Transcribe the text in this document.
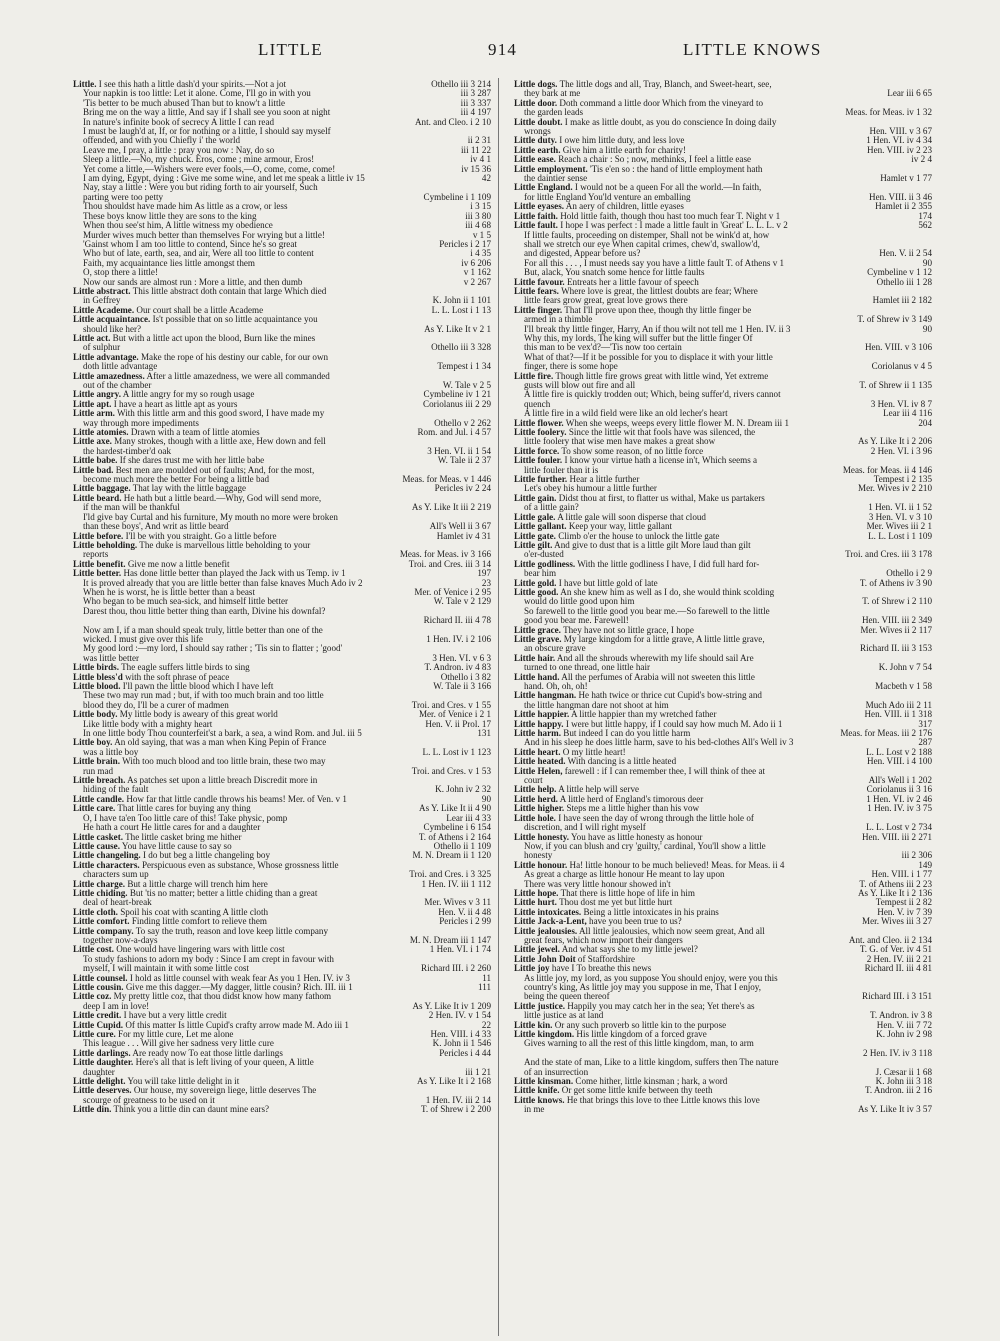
LITTLE	914	LITTLE KNOWS
Little. I see this hath a little dash'd your spirits.—Not a jot	Othello iii 3 214
Your napkin is too little: Let it alone. Come, I'll go in with you	iii 3 287
'Tis better to be much abused Than but to know't a little	iii 3 337
Bring me on the way a little, And say if I shall see you soon at night	iii 4 197
In nature's infinite book of secrecy A little I can read	Ant. and Cleo. i 2 10
I must be laugh'd at, If, or for nothing or a little, I should say myself
offended, and with you Chiefly i' the world	ii 2 31
Leave me, I pray, a little : pray you now : Nay, do so	iii 11 22
Sleep a little.—No, my chuck. Eros, come ; mine armour, Eros!	iv 4 1
Yet come a little,—Wishers were ever fools,—O, come, come, come!	iv 15 36
I am dying, Egypt, dying : Give me some wine, and let me speak a little iv 15	42
Nay, stay a little : Were you but riding forth to air yourself, Such
parting were too petty	Cymbeline i 1 109
Thou shouldst have made him As little as a crow, or less	i 3 15
These boys know little they are sons to the king	iii 3 80
When thou see'st him, A little witness my obedience	iii 4 68
Murder wives much better than themselves For wrying but a little!	v 1 5
'Gainst whom I am too little to contend, Since he's so great	Pericles i 2 17
Who but of late, earth, sea, and air, Were all too little to content	i 4 35
Faith, my acquaintance lies little amongst them	iv 6 206
O, stop there a little!	v 1 162
Now our sands are almost run : More a little, and then dumb	v 2 267
Little abstract. This little abstract doth contain that large Which died
in Geffrey	K. John ii 1 101
Little Academe. Our court shall be a little Academe	L. L. Lost i 1 13
Little acquaintance. Is't possible that on so little acquaintance you
should like her?	As Y. Like It v 2 1
Little act. But with a little act upon the blood, Burn like the mines
of sulphur	Othello iii 3 328
Little advantage. Make the rope of his destiny our cable, for our own
doth little advantage	Tempest i 1 34
Little amazedness. After a little amazedness, we were all commanded
out of the chamber	W. Tale v 2 5
Little angry. A little angry for my so rough usage	Cymbeline iv 1 21
Little apt. I have a heart as little apt as yours	Coriolanus iii 2 29
Little arm. With this little arm and this good sword, I have made my
way through more impediments	Othello v 2 262
Little atomies. Drawn with a team of little atomies	Rom. and Jul. i 4 57
Little axe. Many strokes, though with a little axe, Hew down and fell
the hardest-timber'd oak	3 Hen. VI. ii 1 54
Little babe. If she dares trust me with her little babe	W. Tale ii 2 37
Little bad. Best men are moulded out of faults; And, for the most,
become much more the better For being a little bad	Meas. for Meas. v 1 446
Little baggage. That lay with the little baggage	Pericles iv 2 24
Little beard. He hath but a little beard.—Why, God will send more,
if the man will be thankful	As Y. Like It iii 2 219
I'ld give bay Curtal and his furniture, My mouth no more were broken
than these boys', And writ as little beard	All's Well ii 3 67
Little before. I'll be with you straight. Go a little before	Hamlet iv 4 31
Little beholding. The duke is marvellous little beholding to your
reports	Meas. for Meas. iv 3 166
Little benefit. Give me now a little benefit	Troi. and Cres. iii 3 14
Little better. Has done little better than played the Jack with us Temp. iv 1	197
It is proved already that you are little better than false knaves Much Ado iv 2	23
When he is worst, he is little better than a beast	Mer. of Venice i 2 95
Who began to be much sea-sick, and himself little better	W. Tale v 2 129
Darest thou, thou little better thing than earth, Divine his downfal?
Richard II. iii 4 78
Now am I, if a man should speak truly, little better than one of the
wicked. I must give over this life	1 Hen. IV. i 2 106
My good lord :—my lord, I should say rather ; 'Tis sin to flatter ; 'good'
was little better	3 Hen. VI. v 6 3
Little birds. The eagle suffers little birds to sing	T. Andron. iv 4 83
Little bless'd with the soft phrase of peace	Othello i 3 82
Little blood. I'll pawn the little blood which I have left	W. Tale ii 3 166
These two may run mad ; but, if with too much brain and too little
blood they do, I'll be a curer of madmen	Troi. and Cres. v 1 55
Little body. My little body is aweary of this great world	Mer. of Venice i 2 1
Like little body with a mighty heart	Hen. V. ii Prol. 17
In one little body Thou counterfeit'st a bark, a sea, a wind Rom. and Jul. iii 5	131
Little boy. An old saying, that was a man when King Pepin of France
was a little boy	L. L. Lost iv 1 123
Little brain. With too much blood and too little brain, these two may
run mad	Troi. and Cres. v 1 53
Little breach. As patches set upon a little breach Discredit more in
hiding of the fault	K. John iv 2 32
Little candle. How far that little candle throws his beams! Mer. of Ven. v 1	90
Little care. That little cares for buying any thing	As Y. Like It ii 4 90
O, I have ta'en Too little care of this! Take physic, pomp	Lear iii 4 33
He hath a court He little cares for and a daughter	Cymbeline i 6 154
Little casket. The little casket bring me hither	T. of Athens i 2 164
Little cause. You have little cause to say so	Othello ii 1 109
Little changeling. I do but beg a little changeling boy	M. N. Dream ii 1 120
Little characters. Perspicuous even as substance, Whose grossness little
characters sum up	Troi. and Cres. i 3 325
Little charge. But a little charge will trench him here	1 Hen. IV. iii 1 112
Little chiding. But 'tis no matter; better a little chiding than a great
deal of heart-break	Mer. Wives v 3 11
Little cloth. Spoil his coat with scanting A little cloth	Hen. V. ii 4 48
Little comfort. Finding little comfort to relieve them	Pericles i 2 99
Little company. To say the truth, reason and love keep little company
together now-a-days	M. N. Dream iii 1 147
Little cost. One would have lingering wars with little cost	1 Hen. VI. i 1 74
To study fashions to adorn my body : Since I am crept in favour with
myself, I will maintain it with some little cost	Richard III. i 2 260
Little counsel. I hold as little counsel with weak fear As you 1 Hen. IV. iv 3	11
Little cousin. Give me this dagger.—My dagger, little cousin? Rich. III. iii 1	111
Little coz. My pretty little coz, that thou didst know how many fathom
deep I am in love!	As Y. Like It iv 1 209
Little credit. I have but a very little credit	2 Hen. IV. v 1 54
Little Cupid. Of this matter Is little Cupid's crafty arrow made M. Ado iii 1	22
Little cure. For my little cure, Let me alone	Hen. VIII. i 4 33
This league . . . Will give her sadness very little cure	K. John ii 1 546
Little darlings. Are ready now To eat those little darlings	Pericles i 4 44
Little daughter. Here's all that is left living of your queen, A little
daughter	iii 1 21
Little delight. You will take little delight in it	As Y. Like It i 2 168
Little deserves. Our house, my sovereign liege, little deserves The
scourge of greatness to be used on it	1 Hen. IV. iii 2 14
Little din. Think you a little din can daunt mine ears?	T. of Shrew i 2 200
Little dogs. The little dogs and all, Tray, Blanch, and Sweet-heart, see,
they bark at me	Lear iii 6 65
Little door. Doth command a little door Which from the vineyard to
the garden leads	Meas. for Meas. iv 1 32
Little doubt. I make as little doubt, as you do conscience In doing daily
wrongs	Hen. VIII. v 3 67
Little duty. I owe him little duty, and less love	1 Hen. VI. iv 4 34
Little earth. Give him a little earth for charity!	Hen. VIII. iv 2 23
Little ease. Reach a chair : So ; now, methinks, I feel a little ease	iv 2 4
Little employment. 'Tis e'en so : the hand of little employment hath
the daintier sense	Hamlet v 1 77
Little England. I would not be a queen For all the world.—In faith,
for little England You'ld venture an emballing	Hen. VIII. ii 3 46
Little eyases. An aery of children, little eyases	Hamlet ii 2 355
Little faith. Hold little faith, though thou hast too much fear T. Night v 1	174
Little fault. I hope I was perfect : I made a little fault in 'Great' L. L. L. v 2	562
If little faults, proceeding on distemper, Shall not be wink'd at, how
shall we stretch our eye When capital crimes, chew'd, swallow'd,
and digested, Appear before us?	Hen. V. ii 2 54
For all this . . . , I must needs say you have a little fault T. of Athens v 1	90
But, alack, You snatch some hence for little faults	Cymbeline v 1 12
Little favour. Entreats her a little favour of speech	Othello iii 1 28
Little fears. Where love is great, the littlest doubts are fear; Where
little fears grow great, great love grows there	Hamlet iii 2 182
Little finger. That I'll prove upon thee, though thy little finger be
armed in a thimble	T. of Shrew iv 3 149
I'll break thy little finger, Harry, An if thou wilt not tell me 1 Hen. IV. ii 3	90
Why this, my lords, The king will suffer but the little finger Of
this man to be vex'd?—'Tis now too certain	Hen. VIII. v 3 106
What of that?—If it be possible for you to displace it with your little
finger, there is some hope	Coriolanus v 4 5
Little fire. Though little fire grows great with little wind, Yet extreme
gusts will blow out fire and all	T. of Shrew ii 1 135
A little fire is quickly trodden out; Which, being suffer'd, rivers cannot
quench	3 Hen. VI. iv 8 7
A little fire in a wild field were like an old lecher's heart	Lear iii 4 116
Little flower. When she weeps, weeps every little flower M. N. Dream iii 1	204
Little foolery. Since the little wit that fools have was silenced, the
little foolery that wise men have makes a great show	As Y. Like It i 2 206
Little force. To show some reason, of no little force	2 Hen. VI. i 3 96
Little fouler. I know your virtue hath a license in't, Which seems a
little fouler than it is	Meas. for Meas. ii 4 146
Little further. Hear a little further	Tempest i 2 135
Let's obey his humour a little further	Mer. Wives iv 2 210
Little gain. Didst thou at first, to flatter us withal, Make us partakers
of a little gain?	1 Hen. VI. ii 1 52
Little gale. A little gale will soon disperse that cloud	3 Hen. VI. v 3 10
Little gallant. Keep your way, little gallant	Mer. Wives iii 2 1
Little gate. Climb o'er the house to unlock the little gate	L. L. Lost i 1 109
Little gilt. And give to dust that is a little gilt More laud than gilt
o'er-dusted	Troi. and Cres. iii 3 178
Little godliness. With the little godliness I have, I did full hard for-
bear him	Othello i 2 9
Little gold. I have but little gold of late	T. of Athens iv 3 90
Little good. An she knew him as well as I do, she would think scolding
would do little good upon him	T. of Shrew i 2 110
So farewell to the little good you bear me.—So farewell to the little
good you bear me. Farewell!	Hen. VIII. iii 2 349
Little grace. They have not so little grace, I hope	Mer. Wives ii 2 117
Little grave. My large kingdom for a little grave, A little little grave,
an obscure grave	Richard II. iii 3 153
Little hair. And all the shrouds wherewith my life should sail Are
turned to one thread, one little hair	K. John v 7 54
Little hand. All the perfumes of Arabia will not sweeten this little
hand. Oh, oh, oh!	Macbeth v 1 58
Little hangman. He hath twice or thrice cut Cupid's bow-string and
the little hangman dare not shoot at him	Much Ado iii 2 11
Little happier. A little happier than my wretched father	Hen. VIII. ii 1 318
Little happy. I were but little happy, if I could say how much M. Ado ii 1	317
Little harm. But indeed I can do you little harm	Meas. for Meas. iii 2 176
And in his sleep he does little harm, save to his bed-clothes All's Well iv 3	287
Little heart. O my little heart!	L. L. Lost v 2 188
Little heated. With dancing is a little heated	Hen. VIII. i 4 100
Little Helen, farewell : if I can remember thee, I will think of thee at
court	All's Well i 1 202
Little help. A little help will serve	Coriolanus ii 3 16
Little herd. A little herd of England's timorous deer	1 Hen. VI. iv 2 46
Little higher. Steps me a little higher than his vow	1 Hen. IV. iv 3 75
Little hole. I have seen the day of wrong through the little hole of
discretion, and I will right myself	L. L. Lost v 2 734
Little honesty. You have as little honesty as honour	Hen. VIII. iii 2 271
Now, if you can blush and cry 'guilty,' cardinal, You'll show a little
honesty	iii 2 306
Little honour. Ha! little honour to be much believed! Meas. for Meas. ii 4	149
As great a charge as little honour He meant to lay upon	Hen. VIII. i 1 77
There was very little honour showed in't	T. of Athens iii 2 23
Little hope. That there is little hope of life in him	As Y. Like It i 2 136
Little hurt. Thou dost me yet but little hurt	Tempest ii 2 82
Little intoxicates. Being a little intoxicates in his prains	Hen. V. iv 7 39
Little Jack-a-Lent, have you been true to us?	Mer. Wives iii 3 27
Little jealousies. All little jealousies, which now seem great, And all
great fears, which now import their dangers	Ant. and Cleo. ii 2 134
Little jewel. And what says she to my little jewel?	T. G. of Ver. iv 4 51
Little John Doit of Staffordshire	2 Hen. IV. iii 2 21
Little joy have I To breathe this news	Richard II. iii 4 81
As little joy, my lord, as you suppose You should enjoy, were you this
country's king, As little joy may you suppose in me, That I enjoy,
being the queen thereof	Richard III. i 3 151
Little justice. Happily you may catch her in the sea; Yet there's as
little justice as at land	T. Andron. iv 3 8
Little kin. Or any such proverb so little kin to the purpose	Hen. V. iii 7 72
Little kingdom. His little kingdom of a forced grave	K. John iv 2 98
Gives warning to all the rest of this little kingdom, man, to arm
2 Hen. IV. iv 3 118
And the state of man, Like to a little kingdom, suffers then The nature
of an insurrection	J. Cæsar ii 1 68
Little kinsman. Come hither, little kinsman ; hark, a word	K. John iii 3 18
Little knife. Or get some little knife between thy teeth	T. Andron. iii 2 16
Little knows. He that brings this love to thee Little knows this love
in me	As Y. Like It iv 3 57
